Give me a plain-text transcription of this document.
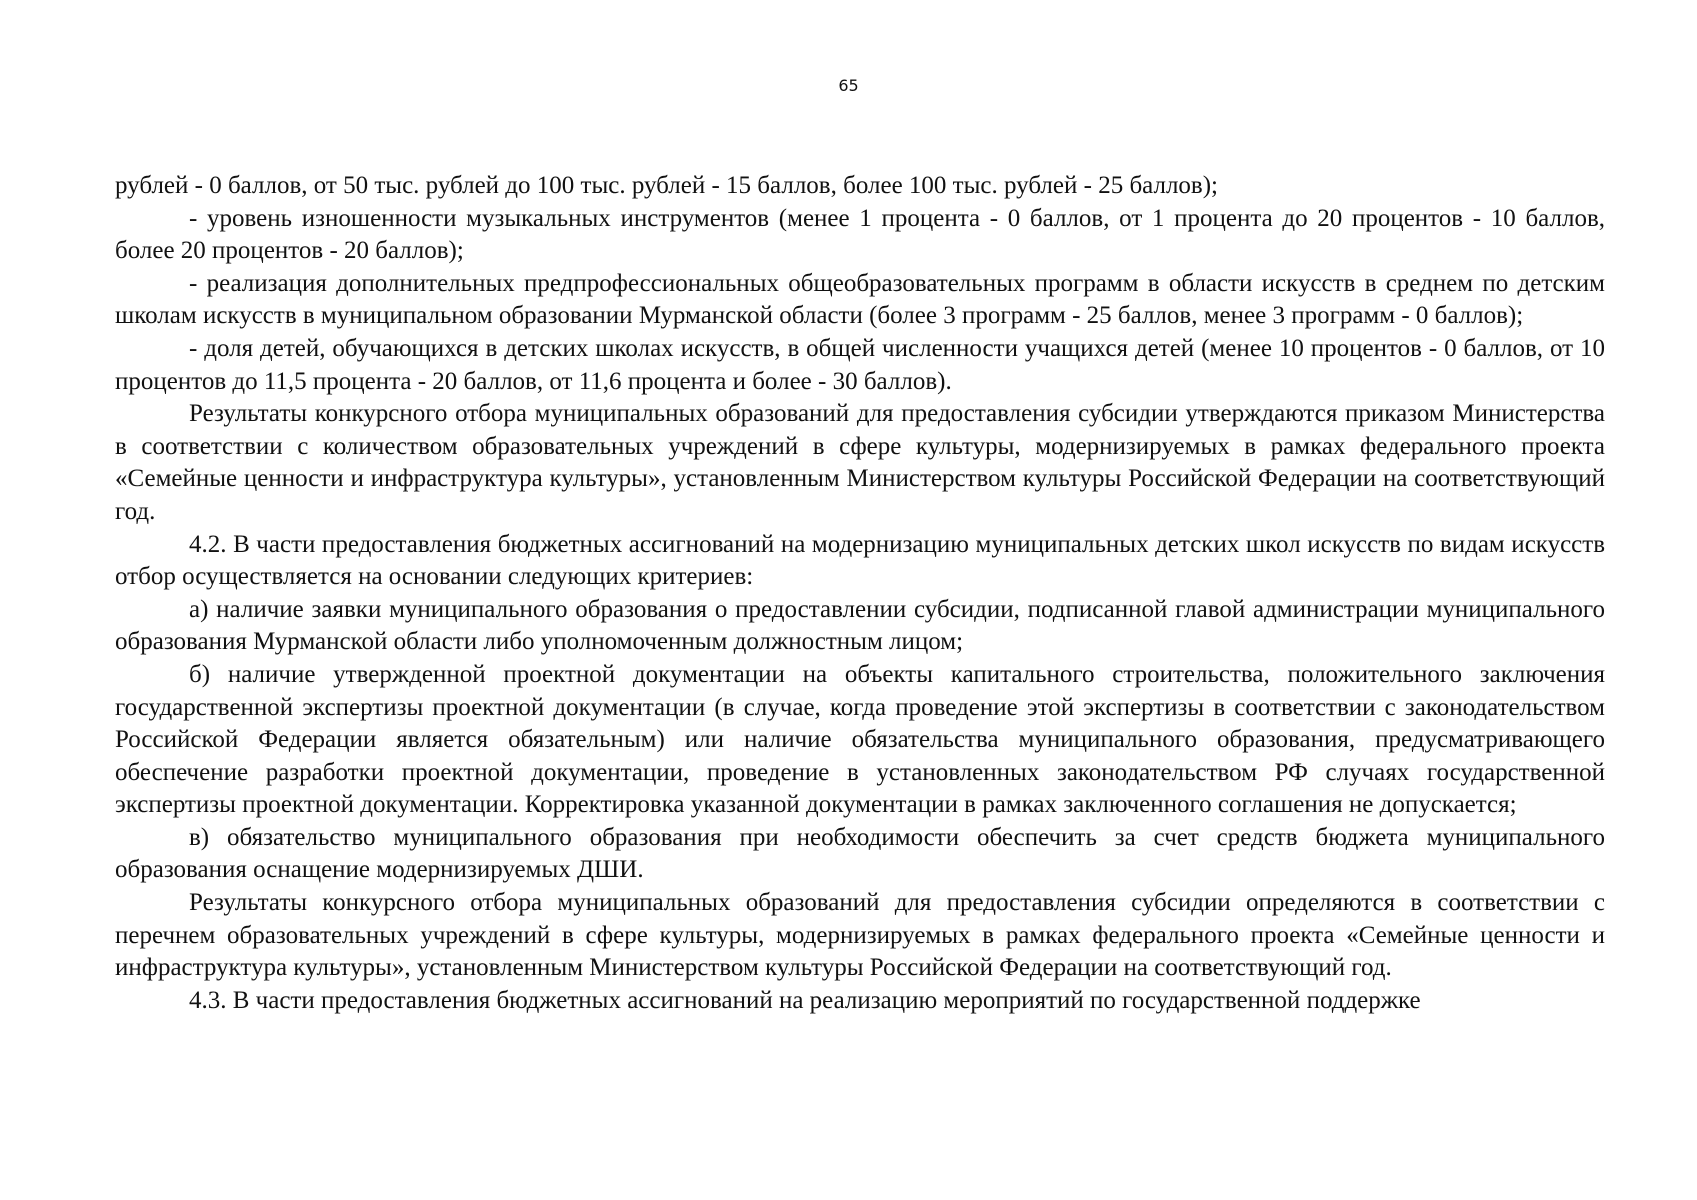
65

рублей - 0 баллов, от 50 тыс. рублей до 100 тыс. рублей - 15 баллов, более 100 тыс. рублей - 25 баллов);

- уровень изношенности музыкальных инструментов (менее 1 процента - 0 баллов, от 1 процента до 20 процентов - 10 баллов, более 20 процентов - 20 баллов);

- реализация дополнительных предпрофессиональных общеобразовательных программ в области искусств в среднем по детским школам искусств в муниципальном образовании Мурманской области (более 3 программ - 25 баллов, менее 3 программ - 0 баллов);

- доля детей, обучающихся в детских школах искусств, в общей численности учащихся детей (менее 10 процентов - 0 баллов, от 10 процентов до 11,5 процента - 20 баллов, от 11,6 процента и более - 30 баллов).

Результаты конкурсного отбора муниципальных образований для предоставления субсидии утверждаются приказом Министерства в соответствии с количеством образовательных учреждений в сфере культуры, модернизируемых в рамках федерального проекта «Семейные ценности и инфраструктура культуры», установленным Министерством культуры Российской Федерации на соответствующий год.

4.2. В части предоставления бюджетных ассигнований на модернизацию муниципальных детских школ искусств по видам искусств отбор осуществляется на основании следующих критериев:

а) наличие заявки муниципального образования о предоставлении субсидии, подписанной главой администрации муниципального образования Мурманской области либо уполномоченным должностным лицом;

б) наличие утвержденной проектной документации на объекты капитального строительства, положительного заключения государственной экспертизы проектной документации (в случае, когда проведение этой экспертизы в соответствии с законодательством Российской Федерации является обязательным) или наличие обязательства муниципального образования, предусматривающего обеспечение разработки проектной документации, проведение в установленных законодательством РФ случаях государственной экспертизы проектной документации. Корректировка указанной документации в рамках заключенного соглашения не допускается;

в) обязательство муниципального образования при необходимости обеспечить за счет средств бюджета муниципального образования оснащение модернизируемых ДШИ.

Результаты конкурсного отбора муниципальных образований для предоставления субсидии определяются в соответствии с перечнем образовательных учреждений в сфере культуры, модернизируемых в рамках федерального проекта «Семейные ценности и инфраструктура культуры», установленным Министерством культуры Российской Федерации на соответствующий год.

4.3. В части предоставления бюджетных ассигнований на реализацию мероприятий по государственной поддержке
